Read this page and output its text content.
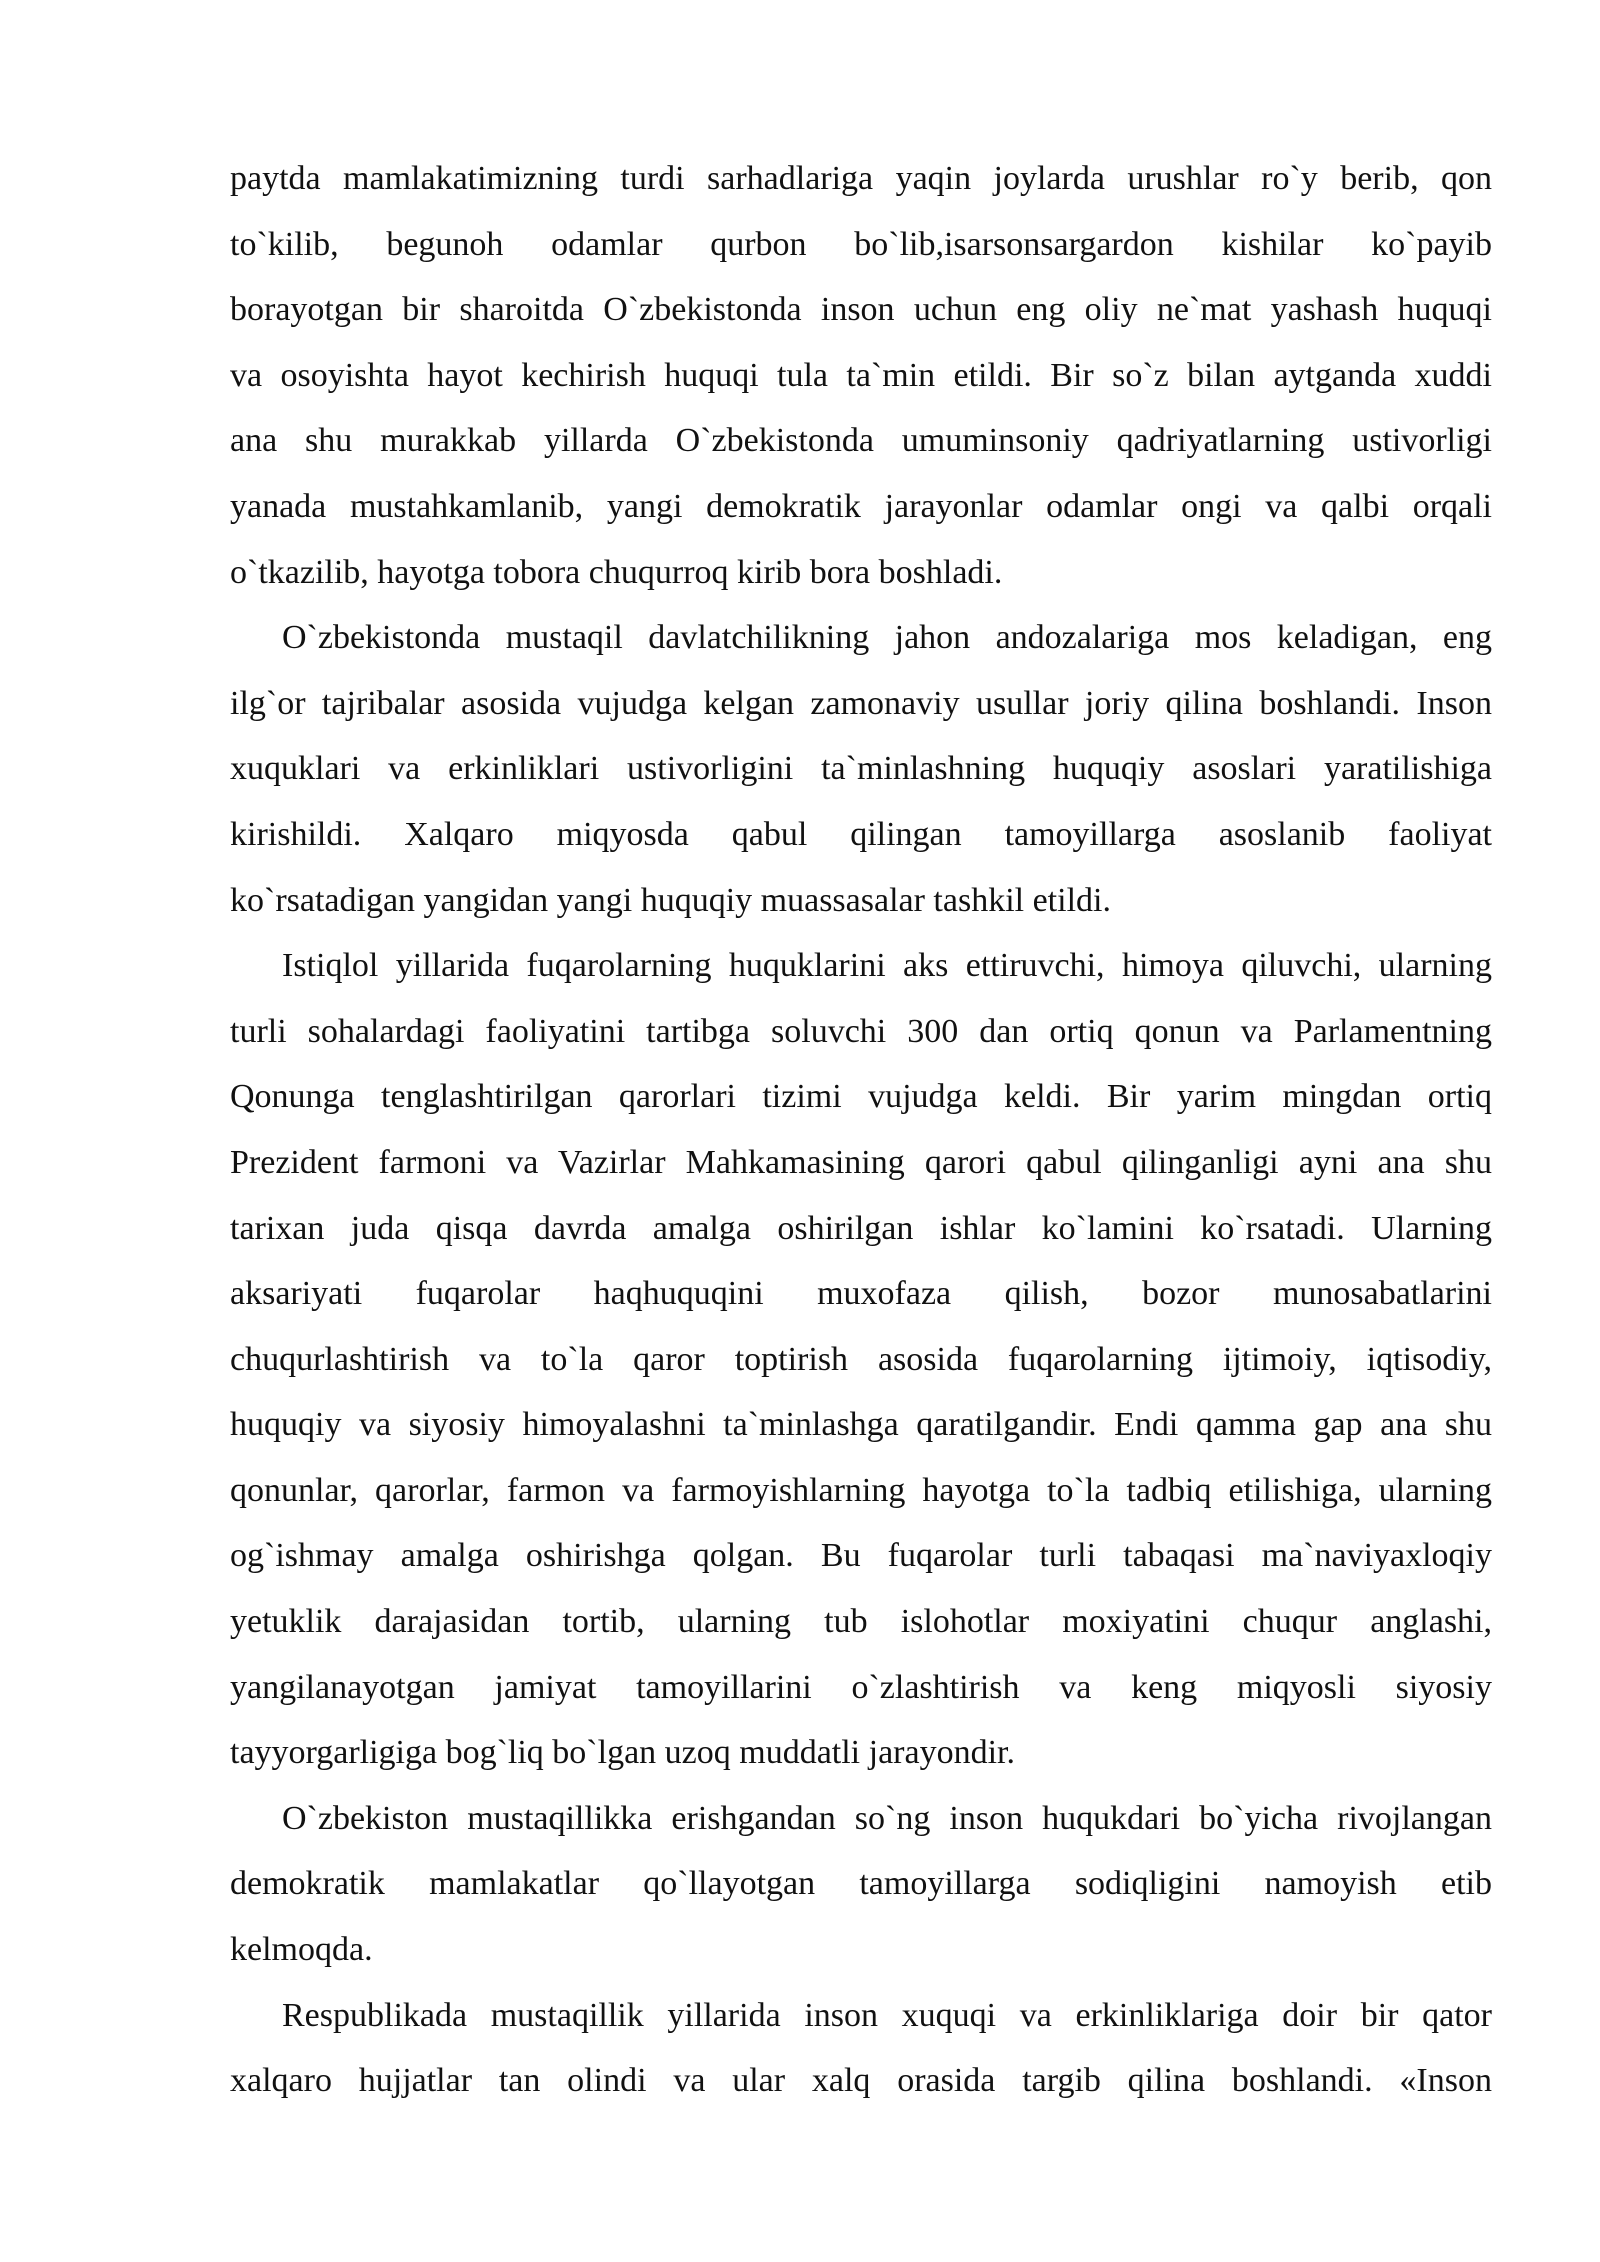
paytda mamlakatimizning turdi sarhadlariga yaqin joylarda urushlar ro`y berib, qon
to`kilib, begunoh odamlar qurbon bo`lib,isarsonsargardon kishilar ko`payib
borayotgan bir sharoitda O`zbekistonda inson uchun eng oliy ne`mat yashash huquqi
va osoyishta hayot kechirish huquqi tula ta`min etildi. Bir so`z bilan aytganda xuddi
ana shu murakkab yillarda O`zbekistonda umuminsoniy qadriyatlarning ustivorligi
yanada mustahkamlanib, yangi demokratik jarayonlar odamlar ongi va qalbi orqali
o`tkazilib, hayotga tobora chuqurroq kirib bora boshladi.
O`zbekistonda mustaqil davlatchilikning jahon andozalariga mos keladigan, eng
ilg`or tajribalar asosida vujudga kelgan zamonaviy usullar joriy qilina boshlandi. Inson
xuquklari va erkinliklari ustivorligini ta`minlashning huquqiy asoslari yaratilishiga
kirishildi. Xalqaro miqyosda qabul qilingan tamoyillarga asoslanib faoliyat
ko`rsatadigan yangidan yangi huquqiy muassasalar tashkil etildi.
Istiqlol yillarida fuqarolarning huquklarini aks ettiruvchi, himoya qiluvchi, ularning
turli sohalardagi faoliyatini tartibga soluvchi 300 dan ortiq qonun va Parlamentning
Qonunga tenglashtirilgan qarorlari tizimi vujudga keldi. Bir yarim mingdan ortiq
Prezident farmoni va Vazirlar Mahkamasining qarori qabul qilinganligi ayni ana shu
tarixan juda qisqa davrda amalga oshirilgan ishlar ko`lamini ko`rsatadi. Ularning
aksariyati fuqarolar haqhuquqini muxofaza qilish, bozor munosabatlarini
chuqurlashtirish va to`la qaror toptirish asosida fuqarolarning ijtimoiy, iqtisodiy,
huquqiy va siyosiy himoyalashni ta`minlashga qaratilgandir. Endi qamma gap ana shu
qonunlar, qarorlar, farmon va farmoyishlarning hayotga to`la tadbiq etilishiga, ularning
og`ishmay amalga oshirishga qolgan. Bu fuqarolar turli tabaqasi ma`naviyaxloqiy
yetuklik darajasidan tortib, ularning tub islohotlar moxiyatini chuqur anglashi,
yangilanayotgan jamiyat tamoyillarini o`zlashtirish va keng miqyosli siyosiy
tayyorgarligiga bog`liq bo`lgan uzoq muddatli jarayondir.
O`zbekiston mustaqillikka erishgandan so`ng inson huqukdari bo`yicha rivojlangan
demokratik mamlakatlar qo`llayotgan tamoyillarga sodiqligini namoyish etib
kelmoqda.
Respublikada mustaqillik yillarida inson xuquqi va erkinliklariga doir bir qator
xalqaro hujjatlar tan olindi va ular xalq orasida targib qilina boshlandi. «Inson
